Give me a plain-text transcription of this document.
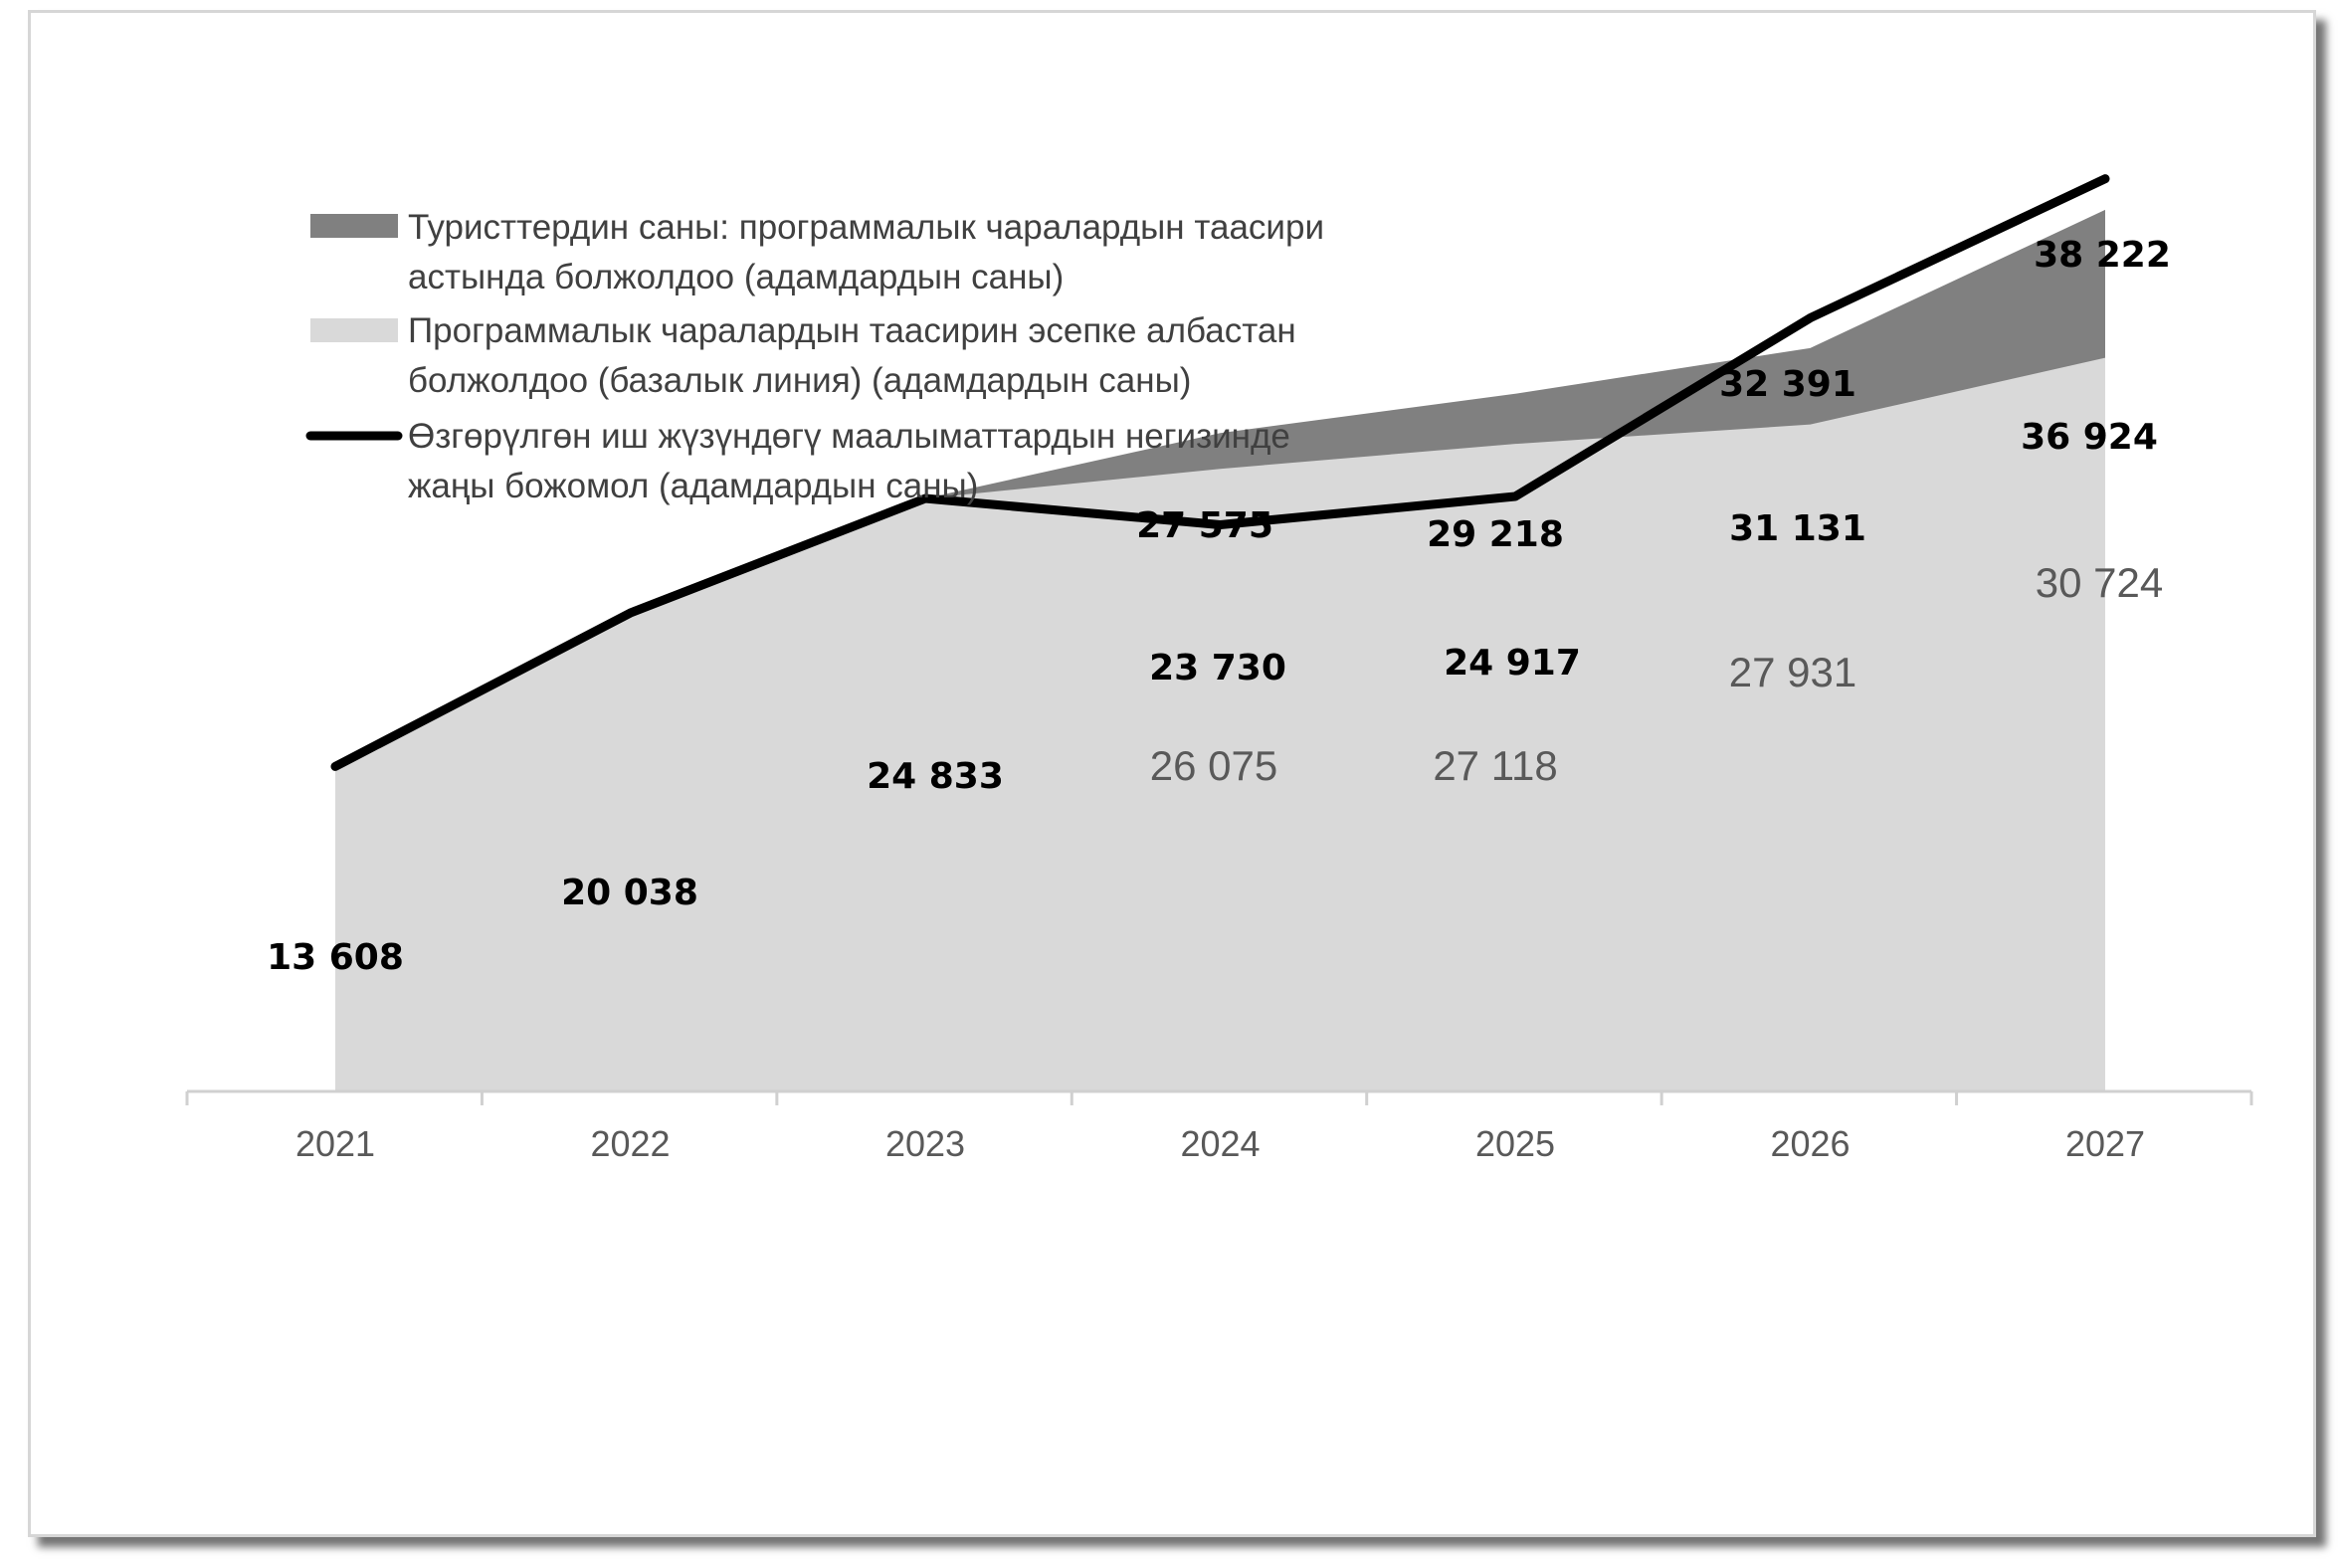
2021	2022	2023	2024	2025	2026	2027
13 608
20 038
24 833	26 075	27 118
27 931
30 724
27 575	29 218	31 131
36 924
23 730	24 917
32 391
38 222
Туристтердин саны: программалык чаралардын таасири
астында болжолдоо (адамдардын саны)
Программалык чаралардын таасирин эсепке албастан
болжолдоо (базалык линия) (адамдардын саны)
Өзгөрүлгөн иш жүзүндөгү маалыматтардын негизинде
жаңы божомол (адамдардын саны)
